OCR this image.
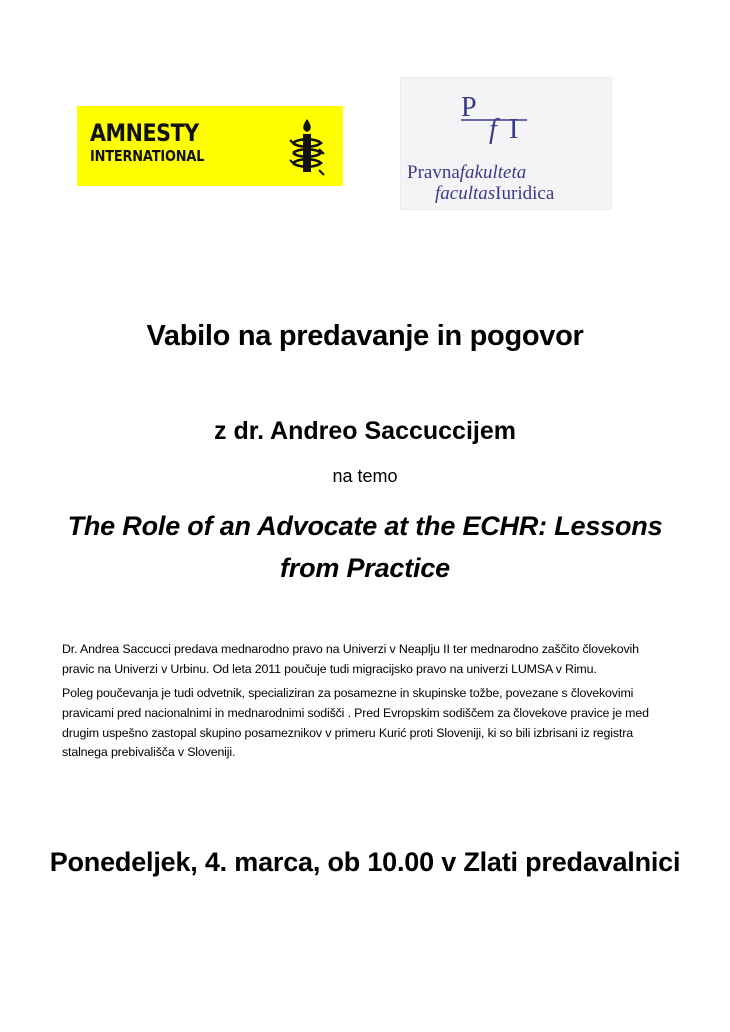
AMNESTY
INTERNATIONAL
P
f I
Pravnafakulteta
facultasIuridica
Vabilo na predavanje in pogovor
z dr. Andreo Saccuccijem

na temo

The Role of an Advocate at the ECHR: Lessons from Practice

Dr. Andrea Saccucci predava mednarodno pravo na Univerzi v Neaplju II ter mednarodno zaščito človekovih pravic na Univerzi v Urbinu. Od leta 2011 poučuje tudi migracijsko pravo na univerzi LUMSA v Rimu.

Poleg poučevanja je tudi odvetnik, specializiran za posamezne in skupinske tožbe, povezane s človekovimi pravicami pred nacionalnimi in mednarodnimi sodišči . Pred Evropskim sodiščem za človekove pravice je med drugim uspešno zastopal skupino posameznikov v primeru Kurić proti Sloveniji, ki so bili izbrisani iz registra stalnega prebivališča v Sloveniji.

Ponedeljek, 4. marca, ob 10.00 v Zlati predavalnici
